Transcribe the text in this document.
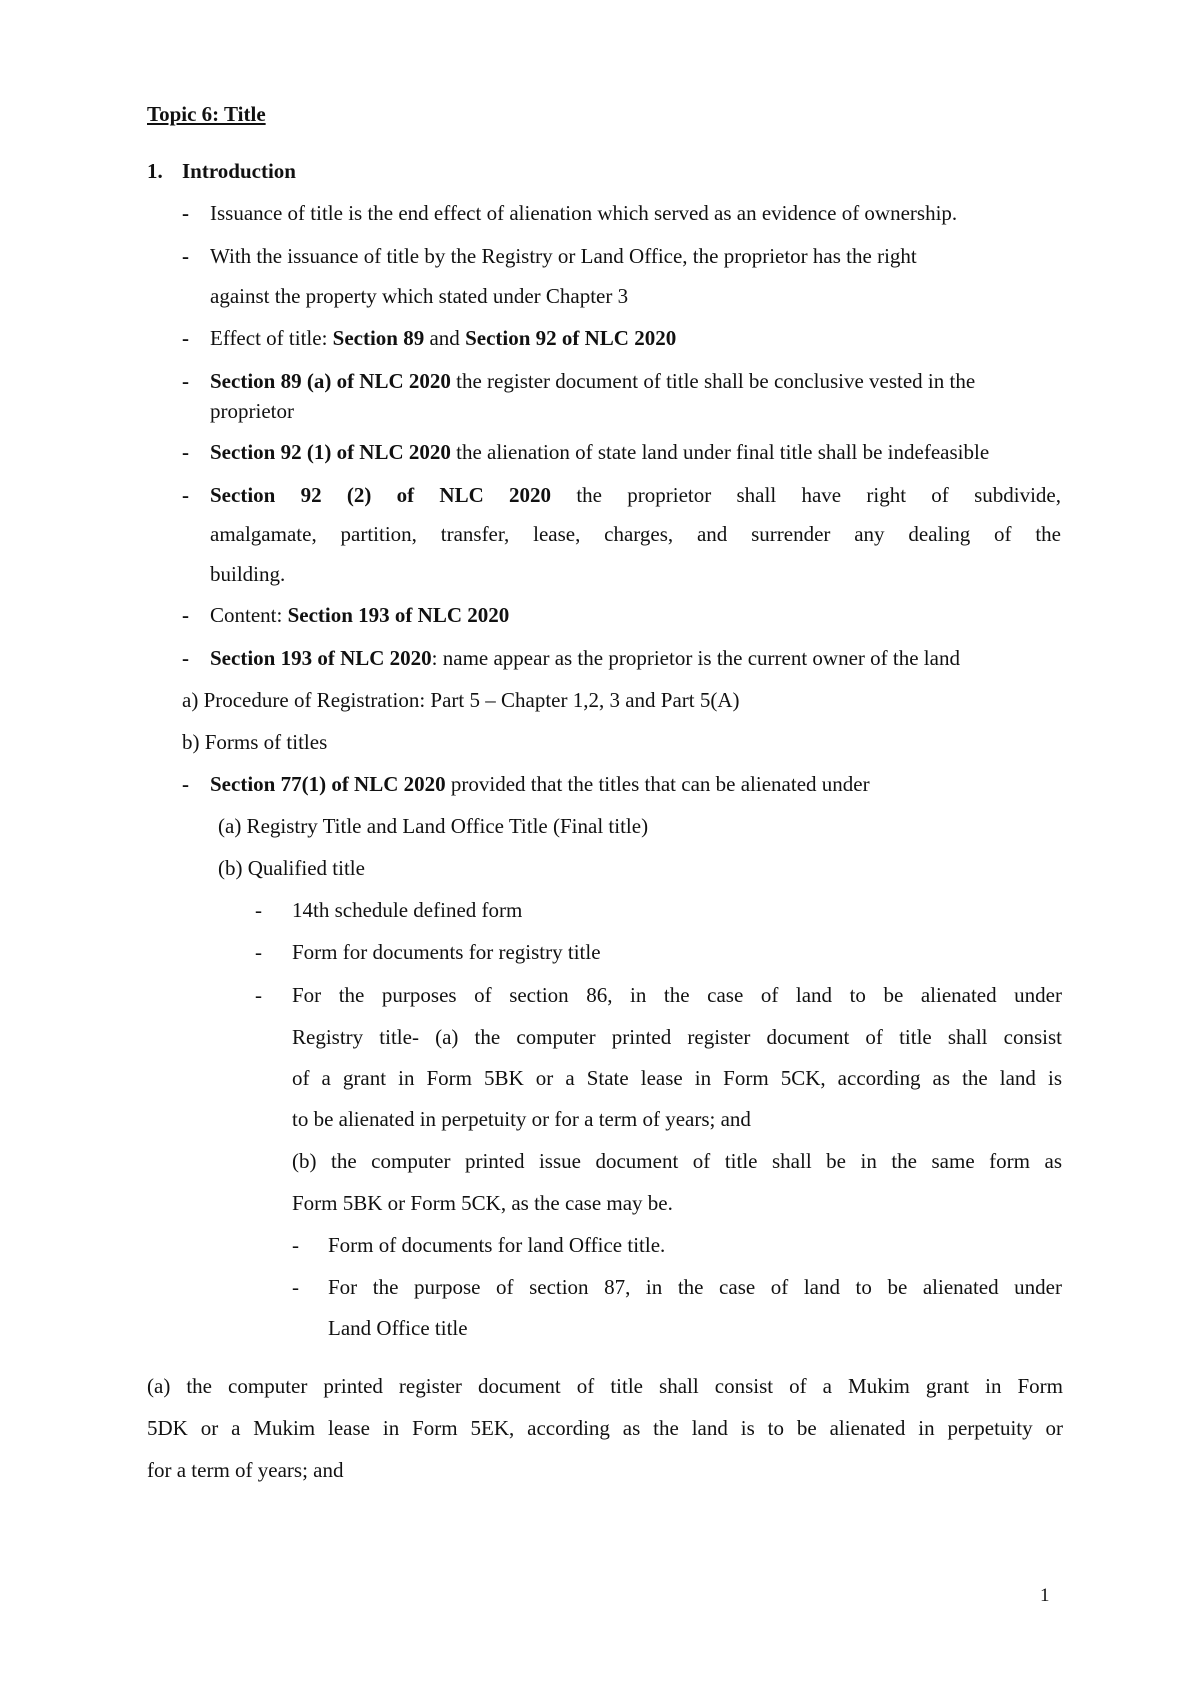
Topic 6: Title
1. Introduction
- Issuance of title is the end effect of alienation which served as an evidence of ownership.
- With the issuance of title by the Registry or Land Office, the proprietor has the right
against the property which stated under Chapter 3
- Effect of title: Section 89 and Section 92 of NLC 2020
- Section 89 (a) of NLC 2020 the register document of title shall be conclusive vested in the
proprietor
- Section 92 (1) of NLC 2020 the alienation of state land under final title shall be indefeasible
- Section 92 (2) of NLC 2020 the proprietor shall have right of subdivide,
amalgamate, partition, transfer, lease, charges, and surrender any dealing of the
building.
- Content: Section 193 of NLC 2020
- Section 193 of NLC 2020: name appear as the proprietor is the current owner of the land
a) Procedure of Registration: Part 5 – Chapter 1,2, 3 and Part 5(A)
b) Forms of titles
- Section 77(1) of NLC 2020 provided that the titles that can be alienated under
(a) Registry Title and Land Office Title (Final title)
(b) Qualified title
- 14th schedule defined form
- Form for documents for registry title
- For the purposes of section 86, in the case of land to be alienated under
Registry title- (a) the computer printed register document of title shall consist
of a grant in Form 5BK or a State lease in Form 5CK, according as the land is
to be alienated in perpetuity or for a term of years; and
(b) the computer printed issue document of title shall be in the same form as
Form 5BK or Form 5CK, as the case may be.
- Form of documents for land Office title.
- For the purpose of section 87, in the case of land to be alienated under
Land Office title
(a) the computer printed register document of title shall consist of a Mukim grant in Form
5DK or a Mukim lease in Form 5EK, according as the land is to be alienated in perpetuity or
for a term of years; and
1
